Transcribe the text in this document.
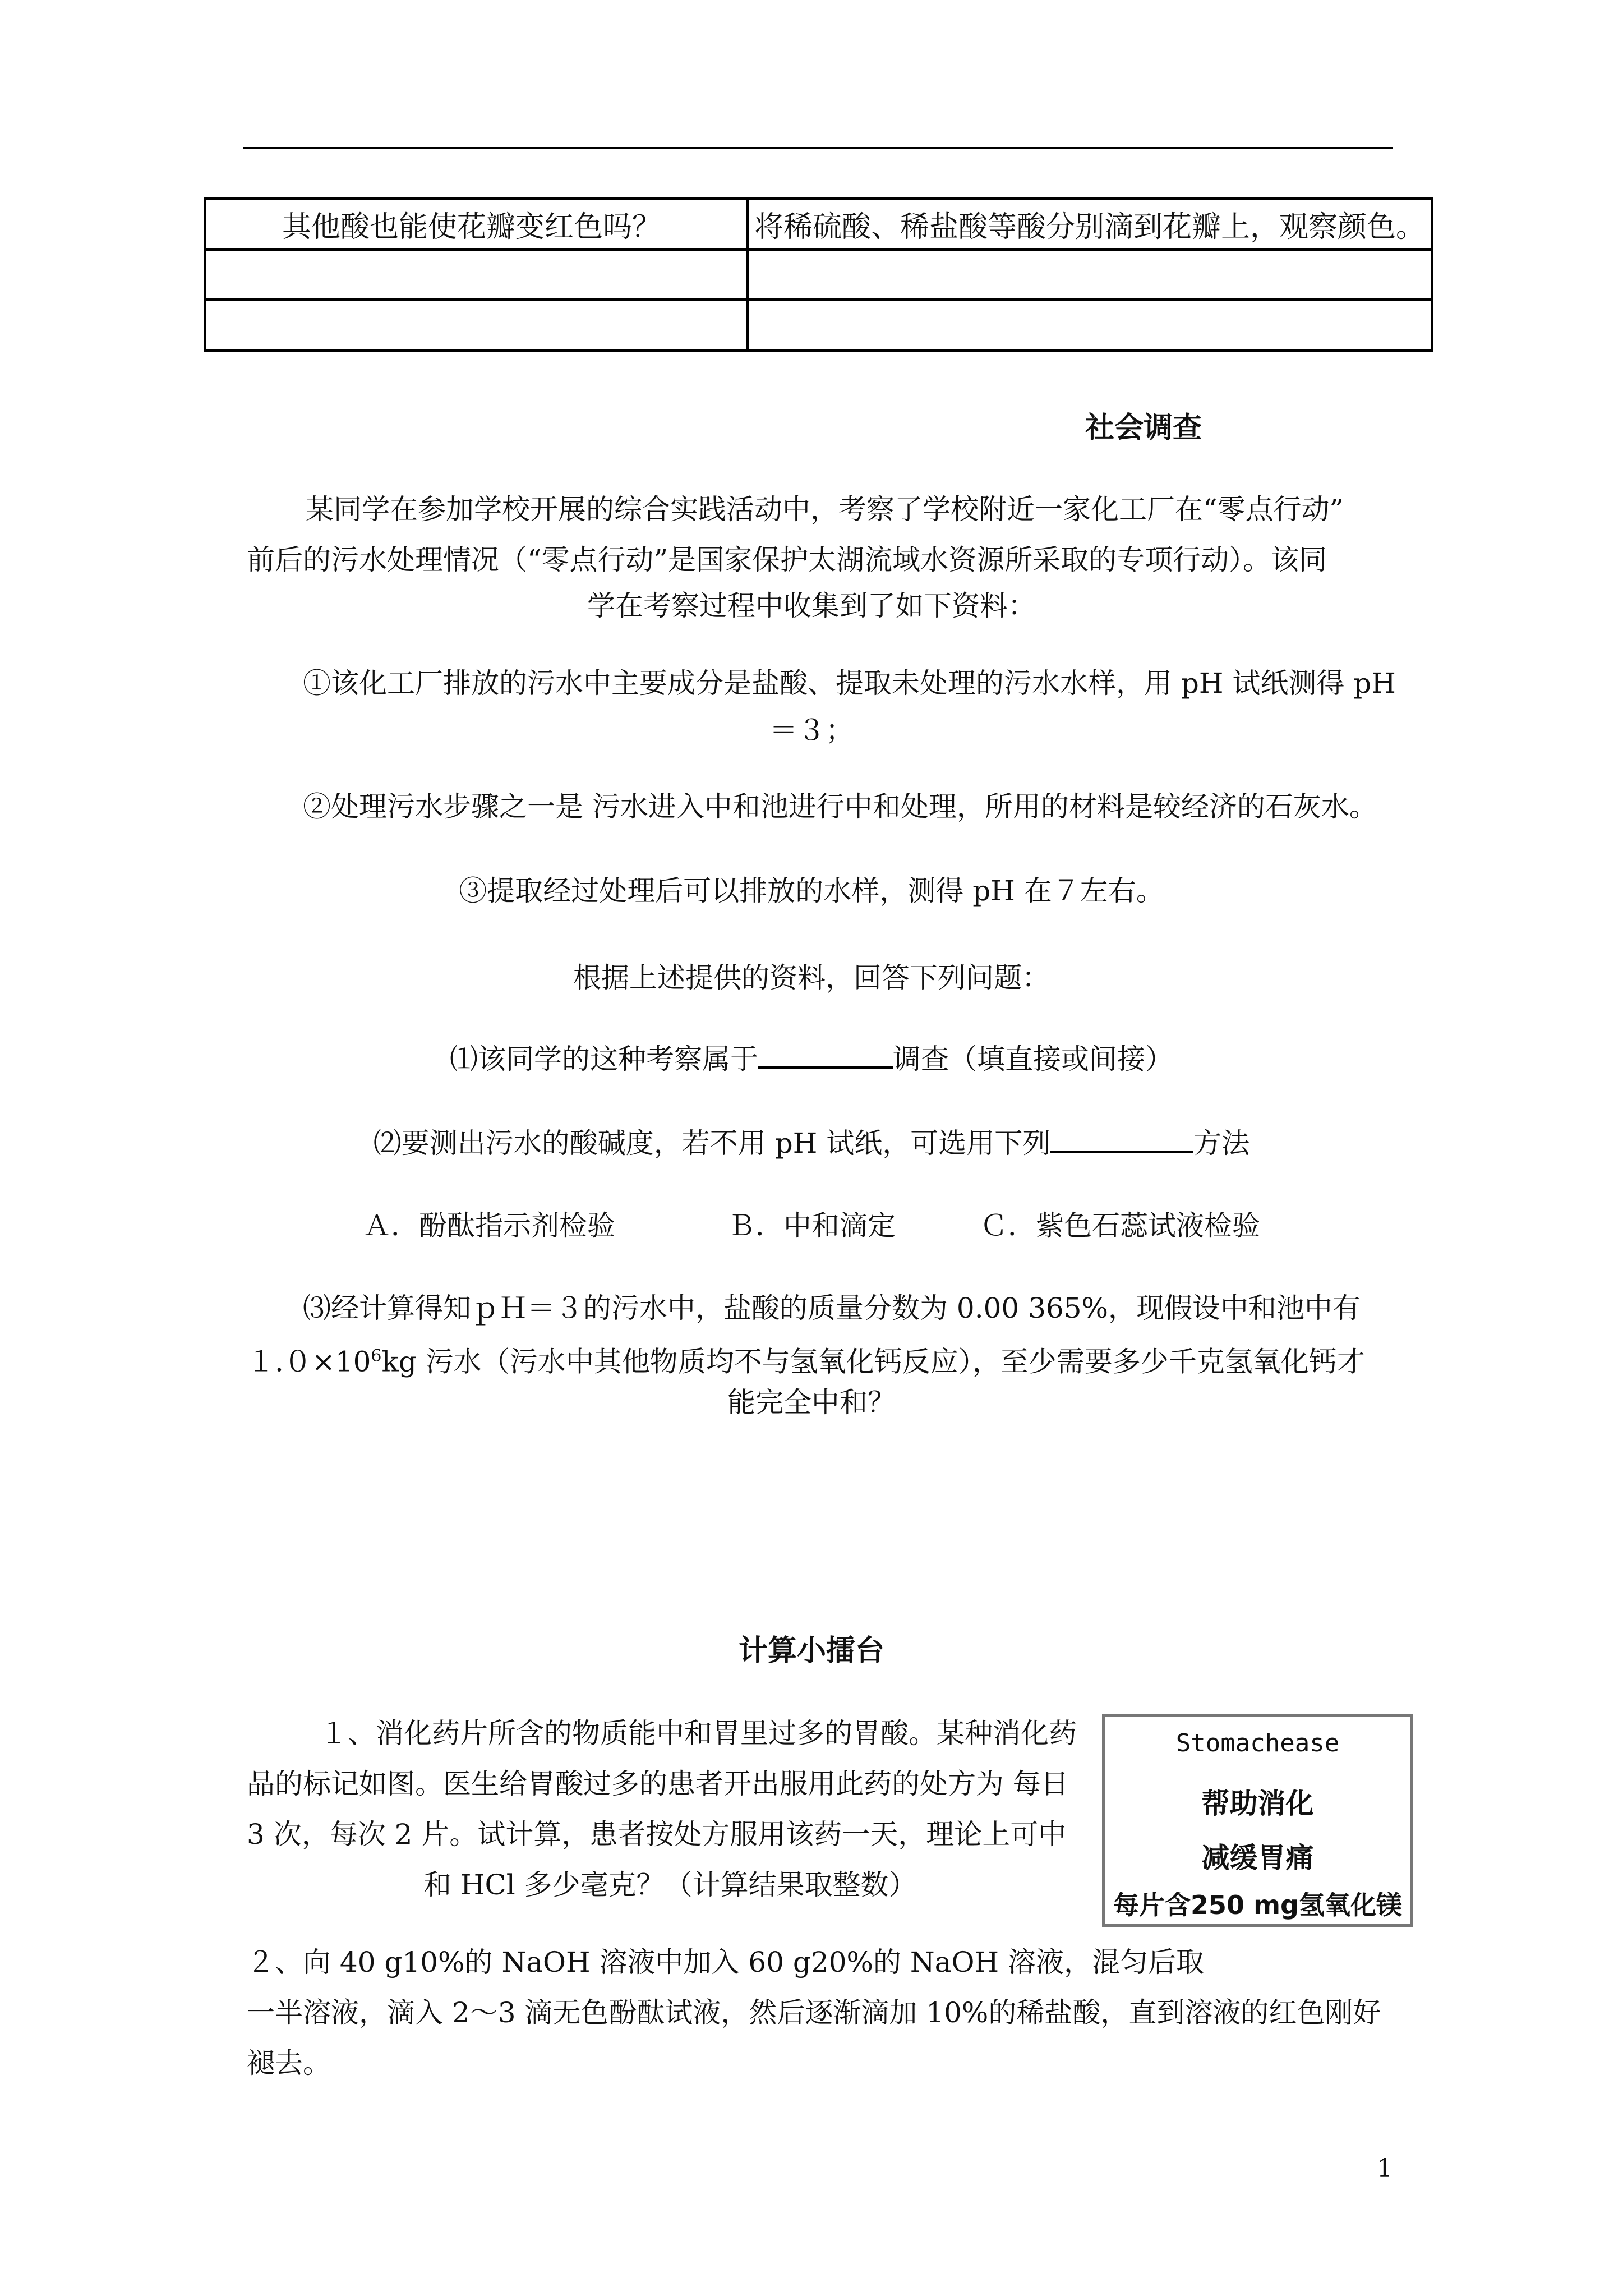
其他酸也能使花瓣变红色吗？	将稀硫酸、稀盐酸等酸分别滴到花瓣上，观察颜色。

社会调查
某同学在参加学校开展的综合实践活动中，考察了学校附近一家化工厂在“零点行动”
前后的污水处理情况（“零点行动”是国家保护太湖流域水资源所采取的专项行动）。该同
学在考察过程中收集到了如下资料：
①该化工厂排放的污水中主要成分是盐酸、提取未处理的污水水样，用 pH 试纸测得 pH
＝３；
②处理污水步骤之一是 污水进入中和池进行中和处理，所用的材料是较经济的石灰水。
③提取经过处理后可以排放的水样，测得 pH 在７左右。
根据上述提供的资料，回答下列问题：
⑴该同学的这种考察属于	调查（填直接或间接）
⑵要测出污水的酸碱度，若不用 pH 试纸，可选用下列	方法
Ａ．酚酞指示剂检验　　　　Ｂ．中和滴定　　　Ｃ．紫色石蕊试液检验
⑶经计算得知ｐＨ＝３的污水中，盐酸的质量分数为 0.00 365%，现假设中和池中有
$1.0\times 10^6kg$ 污水（污水中其他物质均不与氢氧化钙反应），至少需要多少千克氢氧化钙才
能完全中和？
计算小擂台
１、消化药片所含的物质能中和胃里过多的胃酸。某种消化药
品的标记如图。医生给胃酸过多的患者开出服用此药的处方为 每日
3 次，每次 2 片。试计算，患者按处方服用该药一天，理论上可中
和 HCl 多少毫克？（计算结果取整数）
Stomachease
帮助消化
减缓胃痛
每片含250 mg氢氧化镁
２、向 40 g10%的 NaOH 溶液中加入 60 g20%的 NaOH 溶液，混匀后取
一半溶液，滴入 2～3 滴无色酚酞试液，然后逐渐滴加 10%的稀盐酸，直到溶液的红色刚好
褪去。
1
